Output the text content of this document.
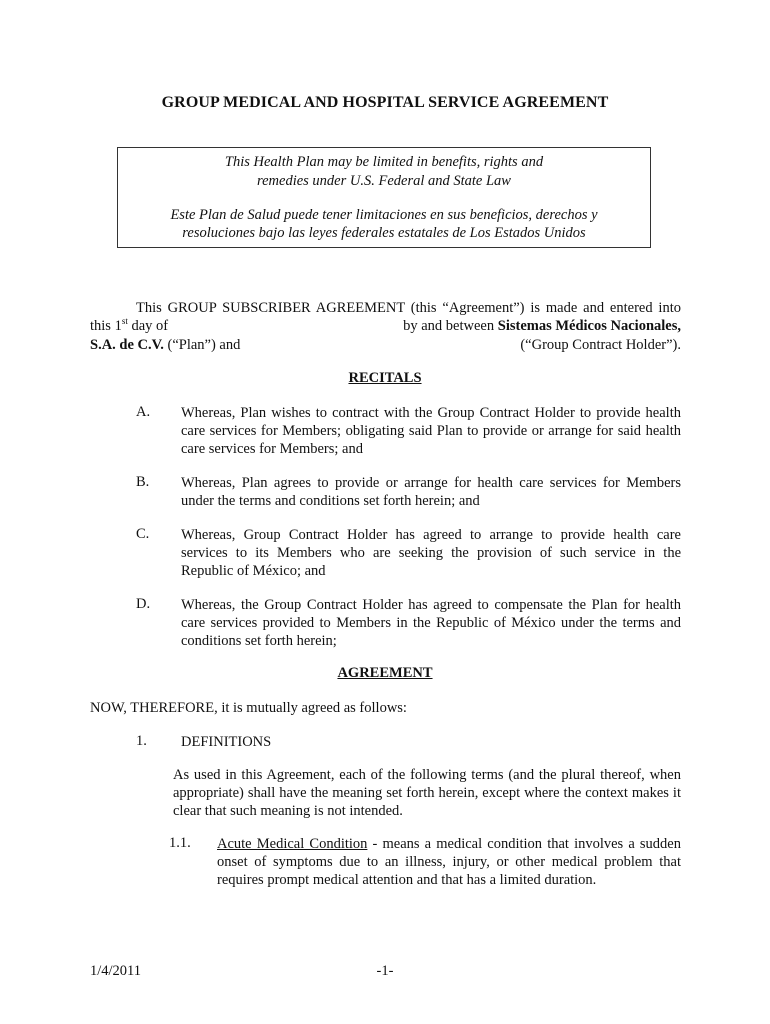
GROUP MEDICAL AND HOSPITAL SERVICE AGREEMENT
This Health Plan may be limited in benefits, rights and
remedies under U.S. Federal and State Law
Este Plan de Salud puede tener limitaciones en sus beneficios, derechos y
resoluciones bajo las leyes federales estatales de Los Estados Unidos
This GROUP SUBSCRIBER AGREEMENT (this “Agreement”) is made and entered into
this 1st day of	by and between Sistemas Médicos Nacionales,
S.A. de C.V. (“Plan”) and	(“Group Contract Holder”).
RECITALS
A. Whereas, Plan wishes to contract with the Group Contract Holder to provide health
care services for Members; obligating said Plan to provide or arrange for said health
care services for Members; and
B. Whereas, Plan agrees to provide or arrange for health care services for Members
under the terms and conditions set forth herein; and
C. Whereas, Group Contract Holder has agreed to arrange to provide health care
services to its Members who are seeking the provision of such service in the
Republic of México; and
D. Whereas, the Group Contract Holder has agreed to compensate the Plan for health
care services provided to Members in the Republic of México under the terms and
conditions set forth herein;
AGREEMENT
NOW, THEREFORE, it is mutually agreed as follows:
1. DEFINITIONS
As used in this Agreement, each of the following terms (and the plural thereof, when
appropriate) shall have the meaning set forth herein, except where the context makes it
clear that such meaning is not intended.
1.1. Acute Medical Condition - means a medical condition that involves a sudden
onset of symptoms due to an illness, injury, or other medical problem that
requires prompt medical attention and that has a limited duration.
1/4/2011	-1-
